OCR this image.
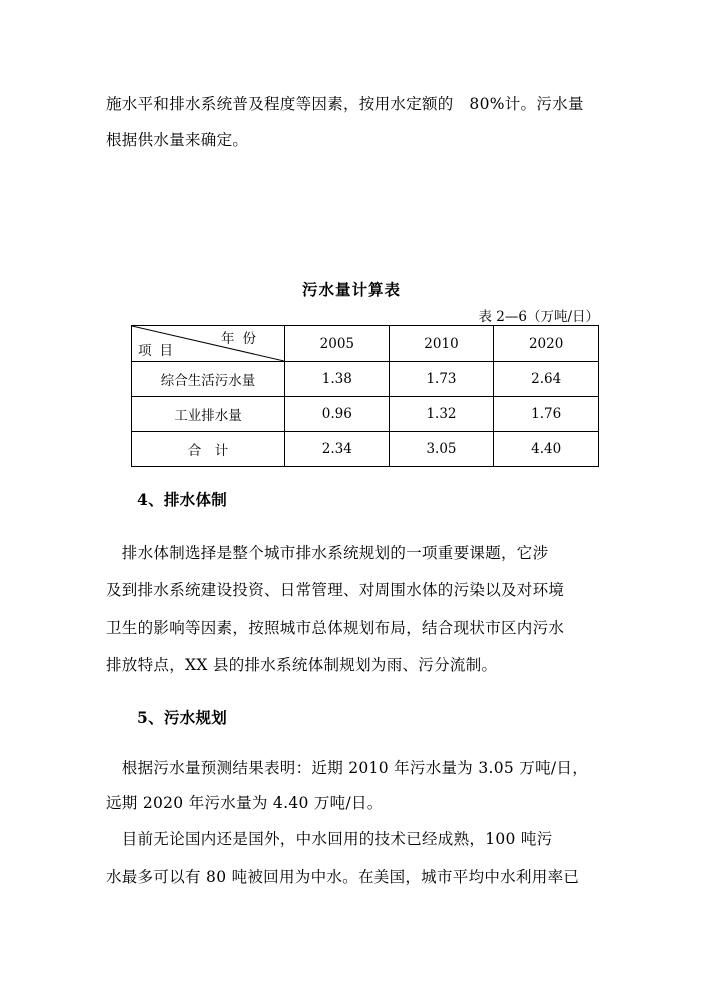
施水平和排水系统普及程度等因素，按用水定额的　80%计。污水量
根据供水量来确定。
污水量计算表
表 2—6（万吨/日）
年份
项目	2005	2010	2020
综合生活污水量	1.38	1.73	2.64
工业排水量	0.96	1.32	1.76
合　计	2.34	3.05	4.40
4、排水体制
　排水体制选择是整个城市排水系统规划的一项重要课题，它涉
及到排水系统建设投资、日常管理、对周围水体的污染以及对环境
卫生的影响等因素，按照城市总体规划布局，结合现状市区内污水
排放特点，XX 县的排水系统体制规划为雨、污分流制。
5、污水规划
　根据污水量预测结果表明：近期 2010 年污水量为 3.05 万吨/日，
远期 2020 年污水量为 4.40 万吨/日。
　目前无论国内还是国外，中水回用的技术已经成熟，100 吨污
水最多可以有 80 吨被回用为中水。在美国，城市平均中水利用率已
